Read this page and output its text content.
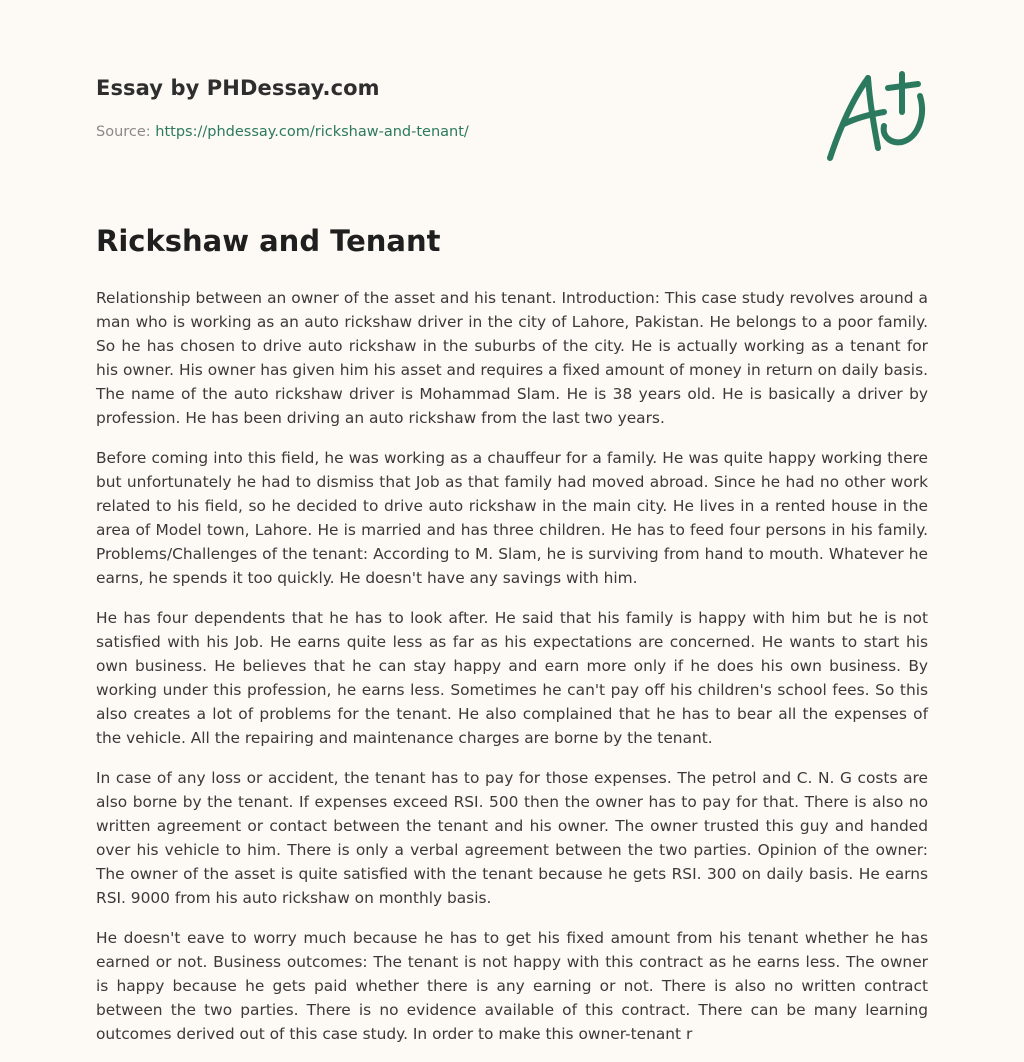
Essay by PHDessay.com
Source: https://phdessay.com/rickshaw-and-tenant/
Rickshaw and Tenant

Relationship between an owner of the asset and his tenant. Introduction: This case study revolves around a man who is working as an auto rickshaw driver in the city of Lahore, Pakistan. He belongs to a poor family. So he has chosen to drive auto rickshaw in the suburbs of the city. He is actually working as a tenant for his owner. His owner has given him his asset and requires a fixed amount of money in return on daily basis. The name of the auto rickshaw driver is Mohammad Slam. He is 38 years old. He is basically a driver by profession. He has been driving an auto rickshaw from the last two years.

Before coming into this field, he was working as a chauffeur for a family. He was quite happy working there but unfortunately he had to dismiss that Job as that family had moved abroad. Since he had no other work related to his field, so he decided to drive auto rickshaw in the main city. He lives in a rented house in the area of Model town, Lahore. He is married and has three children. He has to feed four persons in his family. Problems/Challenges of the tenant: According to M. Slam, he is surviving from hand to mouth. Whatever he earns, he spends it too quickly. He doesn't have any savings with him.

He has four dependents that he has to look after. He said that his family is happy with him but he is not satisfied with his Job. He earns quite less as far as his expectations are concerned. He wants to start his own business. He believes that he can stay happy and earn more only if he does his own business. By working under this profession, he earns less. Sometimes he can't pay off his children's school fees. So this also creates a lot of problems for the tenant. He also complained that he has to bear all the expenses of the vehicle. All the repairing and maintenance charges are borne by the tenant.

In case of any loss or accident, the tenant has to pay for those expenses. The petrol and C. N. G costs are also borne by the tenant. If expenses exceed RSI. 500 then the owner has to pay for that. There is also no written agreement or contact between the tenant and his owner. The owner trusted this guy and handed over his vehicle to him. There is only a verbal agreement between the two parties. Opinion of the owner: The owner of the asset is quite satisfied with the tenant because he gets RSI. 300 on daily basis. He earns RSI. 9000 from his auto rickshaw on monthly basis.

He doesn't eave to worry much because he has to get his fixed amount from his tenant whether he has earned or not. Business outcomes: The tenant is not happy with this contract as he earns less. The owner is happy because he gets paid whether there is any earning or not. There is also no written contract between the two parties. There is no evidence available of this contract. There can be many learning outcomes derived out of this case study. In order to make this owner-tenant r
